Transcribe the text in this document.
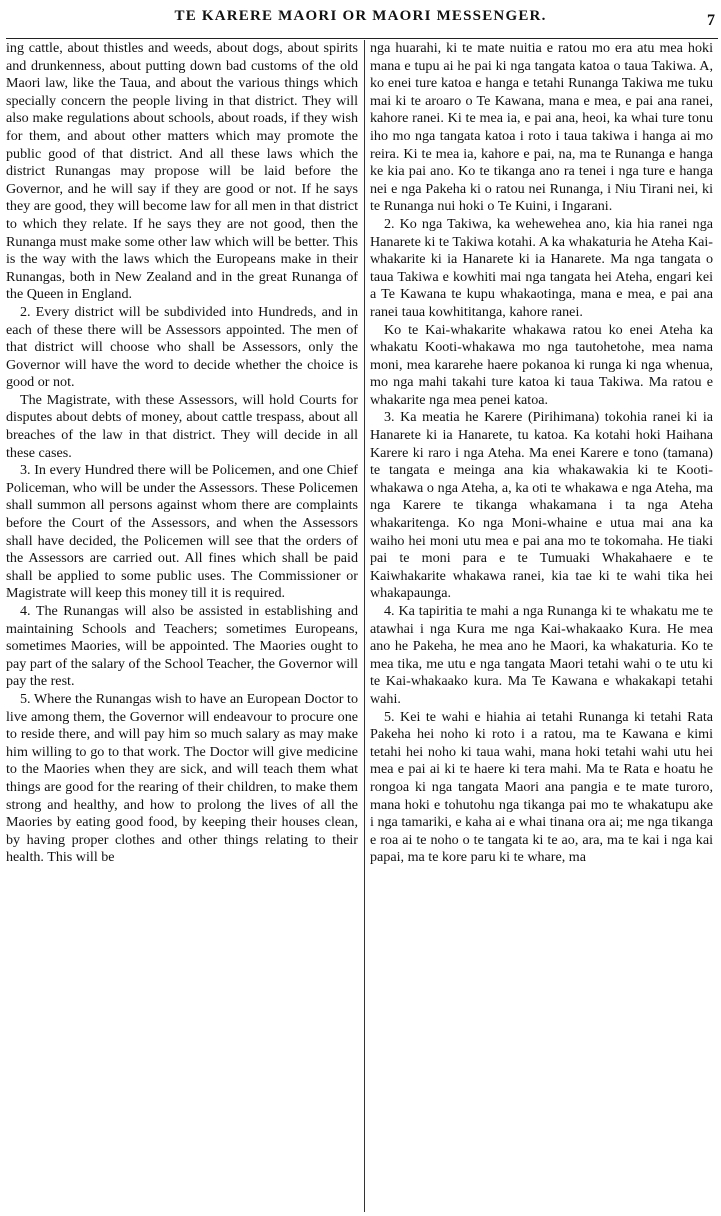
TE KARERE MAORI OR MAORI MESSENGER.	7

ing cattle, about thistles and weeds, about dogs, about spirits and drunkenness, about putting down bad customs of the old Maori law, like the Taua, and about the various things which specially concern the people living in that district. They will also make regulations about schools, about roads, if they wish for them, and about other matters which may promote the public good of that district. And all these laws which the district Runangas may propose will be laid before the Governor, and he will say if they are good or not. If he says they are good, they will become law for all men in that district to which they relate. If he says they are not good, then the Runanga must make some other law which will be better. This is the way with the laws which the Europeans make in their Runangas, both in New Zealand and in the great Runanga of the Queen in England.

2. Every district will be subdivided into Hundreds, and in each of these there will be Assessors appointed. The men of that district will choose who shall be Assessors, only the Governor will have the word to decide whether the choice is good or not.

The Magistrate, with these Assessors, will hold Courts for disputes about debts of money, about cattle trespass, about all breaches of the law in that district. They will decide in all these cases.

3. In every Hundred there will be Policemen, and one Chief Policeman, who will be under the Assessors. These Policemen shall summon all persons against whom there are complaints before the Court of the Assessors, and when the Assessors shall have decided, the Policemen will see that the orders of the Assessors are carried out. All fines which shall be paid shall be applied to some public uses. The Commissioner or Magistrate will keep this money till it is required.

4. The Runangas will also be assisted in establishing and maintaining Schools and Teachers; sometimes Europeans, sometimes Maories, will be appointed. The Maories ought to pay part of the salary of the School Teacher, the Governor will pay the rest.

5. Where the Runangas wish to have an European Doctor to live among them, the Governor will endeavour to procure one to reside there, and will pay him so much salary as may make him willing to go to that work. The Doctor will give medicine to the Maories when they are sick, and will teach them what things are good for the rearing of their children, to make them strong and healthy, and how to prolong the lives of all the Maories by eating good food, by keeping their houses clean, by having proper clothes and other things relating to their health. This will be

nga huarahi, ki te mate nuitia e ratou mo era atu mea hoki mana e tupu ai he pai ki nga tangata katoa o taua Takiwa. A, ko enei ture katoa e hanga e tetahi Runanga Takiwa me tuku mai ki te aroaro o Te Kawana, mana e mea, e pai ana ranei, kahore ranei. Ki te mea ia, e pai ana, heoi, ka whai ture tonu iho mo nga tangata katoa i roto i taua takiwa i hanga ai mo reira. Ki te mea ia, kahore e pai, na, ma te Runanga e hanga ke kia pai ano. Ko te tikanga ano ra tenei i nga ture e hanga nei e nga Pakeha ki o ratou nei Runanga, i Niu Tirani nei, ki te Runanga nui hoki o Te Kuini, i Ingarani.

2. Ko nga Takiwa, ka wehewehea ano, kia hia ranei nga Hanarete ki te Takiwa kotahi. A ka whakaturia he Ateha Kai-whakarite ki ia Hanarete ki ia Hanarete. Ma nga tangata o taua Takiwa e kowhiti mai nga tangata hei Ateha, engari kei a Te Kawana te kupu whakaotinga, mana e mea, e pai ana ranei taua kowhititanga, kahore ranei.

Ko te Kai-whakarite whakawa ratou ko enei Ateha ka whakatu Kooti-whakawa mo nga tautohetohe, mea nama moni, mea kararehe haere pokanoa ki runga ki nga whenua, mo nga mahi takahi ture katoa ki taua Takiwa. Ma ratou e whakarite nga mea penei katoa.

3. Ka meatia he Karere (Pirihimana) tokohia ranei ki ia Hanarete ki ia Hanarete, tu katoa. Ka kotahi hoki Haihana Karere ki raro i nga Ateha. Ma enei Karere e tono (tamana) te tangata e meinga ana kia whakawakia ki te Kooti-whakawa o nga Ateha, a, ka oti te whakawa e nga Ateha, ma nga Karere te tikanga whakamana i ta nga Ateha whakaritenga. Ko nga Moni-whaine e utua mai ana ka waiho hei moni utu mea e pai ana mo te tokomaha. He tiaki pai te moni para e te Tumuaki Whakahaere e te Kaiwhakarite whakawa ranei, kia tae ki te wahi tika hei whakapaunga.

4. Ka tapiritia te mahi a nga Runanga ki te whakatu me te atawhai i nga Kura me nga Kai-whakaako Kura. He mea ano he Pakeha, he mea ano he Maori, ka whakaturia. Ko te mea tika, me utu e nga tangata Maori tetahi wahi o te utu ki te Kai-whakaako kura. Ma Te Kawana e whakakapi tetahi wahi.

5. Kei te wahi e hiahia ai tetahi Runanga ki tetahi Rata Pakeha hei noho ki roto i a ratou, ma te Kawana e kimi tetahi hei noho ki taua wahi, mana hoki tetahi wahi utu hei mea e pai ai ki te haere ki tera mahi. Ma te Rata e hoatu he rongoa ki nga tangata Maori ana pangia e te mate turoro, mana hoki e tohutohu nga tikanga pai mo te whakatupu ake i nga tamariki, e kaha ai e whai tinana ora ai; me nga tikanga e roa ai te noho o te tangata ki te ao, ara, ma te kai i nga kai papai, ma te kore paru ki te whare, ma
